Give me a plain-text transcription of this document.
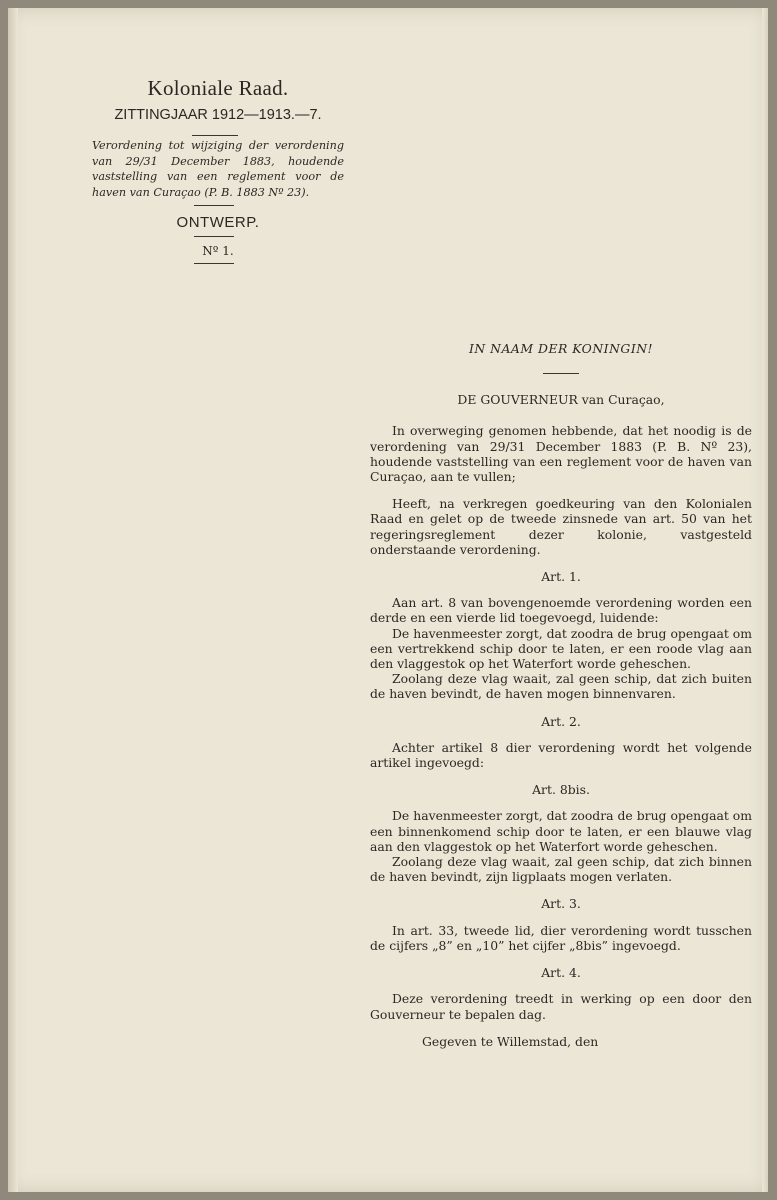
Koloniale Raad.
ZITTINGJAAR 1912—1913.—7.
Verordening tot wijziging der verordening van 29/31 December 1883, houdende vaststelling van een reglement voor de haven van Curaçao (P. B. 1883 Nº 23).
ONTWERP.
Nº 1.
IN NAAM DER KONINGIN!
DE GOUVERNEUR van Curaçao,

In overweging genomen hebbende, dat het noodig is de verordening van 29/31 December 1883 (P. B. Nº 23), houdende vaststelling van een reglement voor de haven van Curaçao, aan te vullen;

Heeft, na verkregen goedkeuring van den Kolonialen Raad en gelet op de tweede zinsnede van art. 50 van het regeringsreglement dezer kolonie, vastgesteld onderstaande verordening.

Art. 1.

Aan art. 8 van bovengenoemde verordening worden een derde en een vierde lid toegevoegd, luidende:

De havenmeester zorgt, dat zoodra de brug opengaat om een vertrekkend schip door te laten, er een roode vlag aan den vlaggestok op het Waterfort worde geheschen.

Zoolang deze vlag waait, zal geen schip, dat zich buiten de haven bevindt, de haven mogen binnenvaren.

Art. 2.

Achter artikel 8 dier verordening wordt het volgende artikel ingevoegd:

Art. 8bis.

De havenmeester zorgt, dat zoodra de brug opengaat om een binnenkomend schip door te laten, er een blauwe vlag aan den vlaggestok op het Waterfort worde geheschen.

Zoolang deze vlag waait, zal geen schip, dat zich binnen de haven bevindt, zijn ligplaats mogen verlaten.

Art. 3.

In art. 33, tweede lid, dier verordening wordt tusschen de cijfers „8” en „10” het cijfer „8bis” ingevoegd.

Art. 4.

Deze verordening treedt in werking op een door den Gouverneur te bepalen dag.

Gegeven te Willemstad, den
